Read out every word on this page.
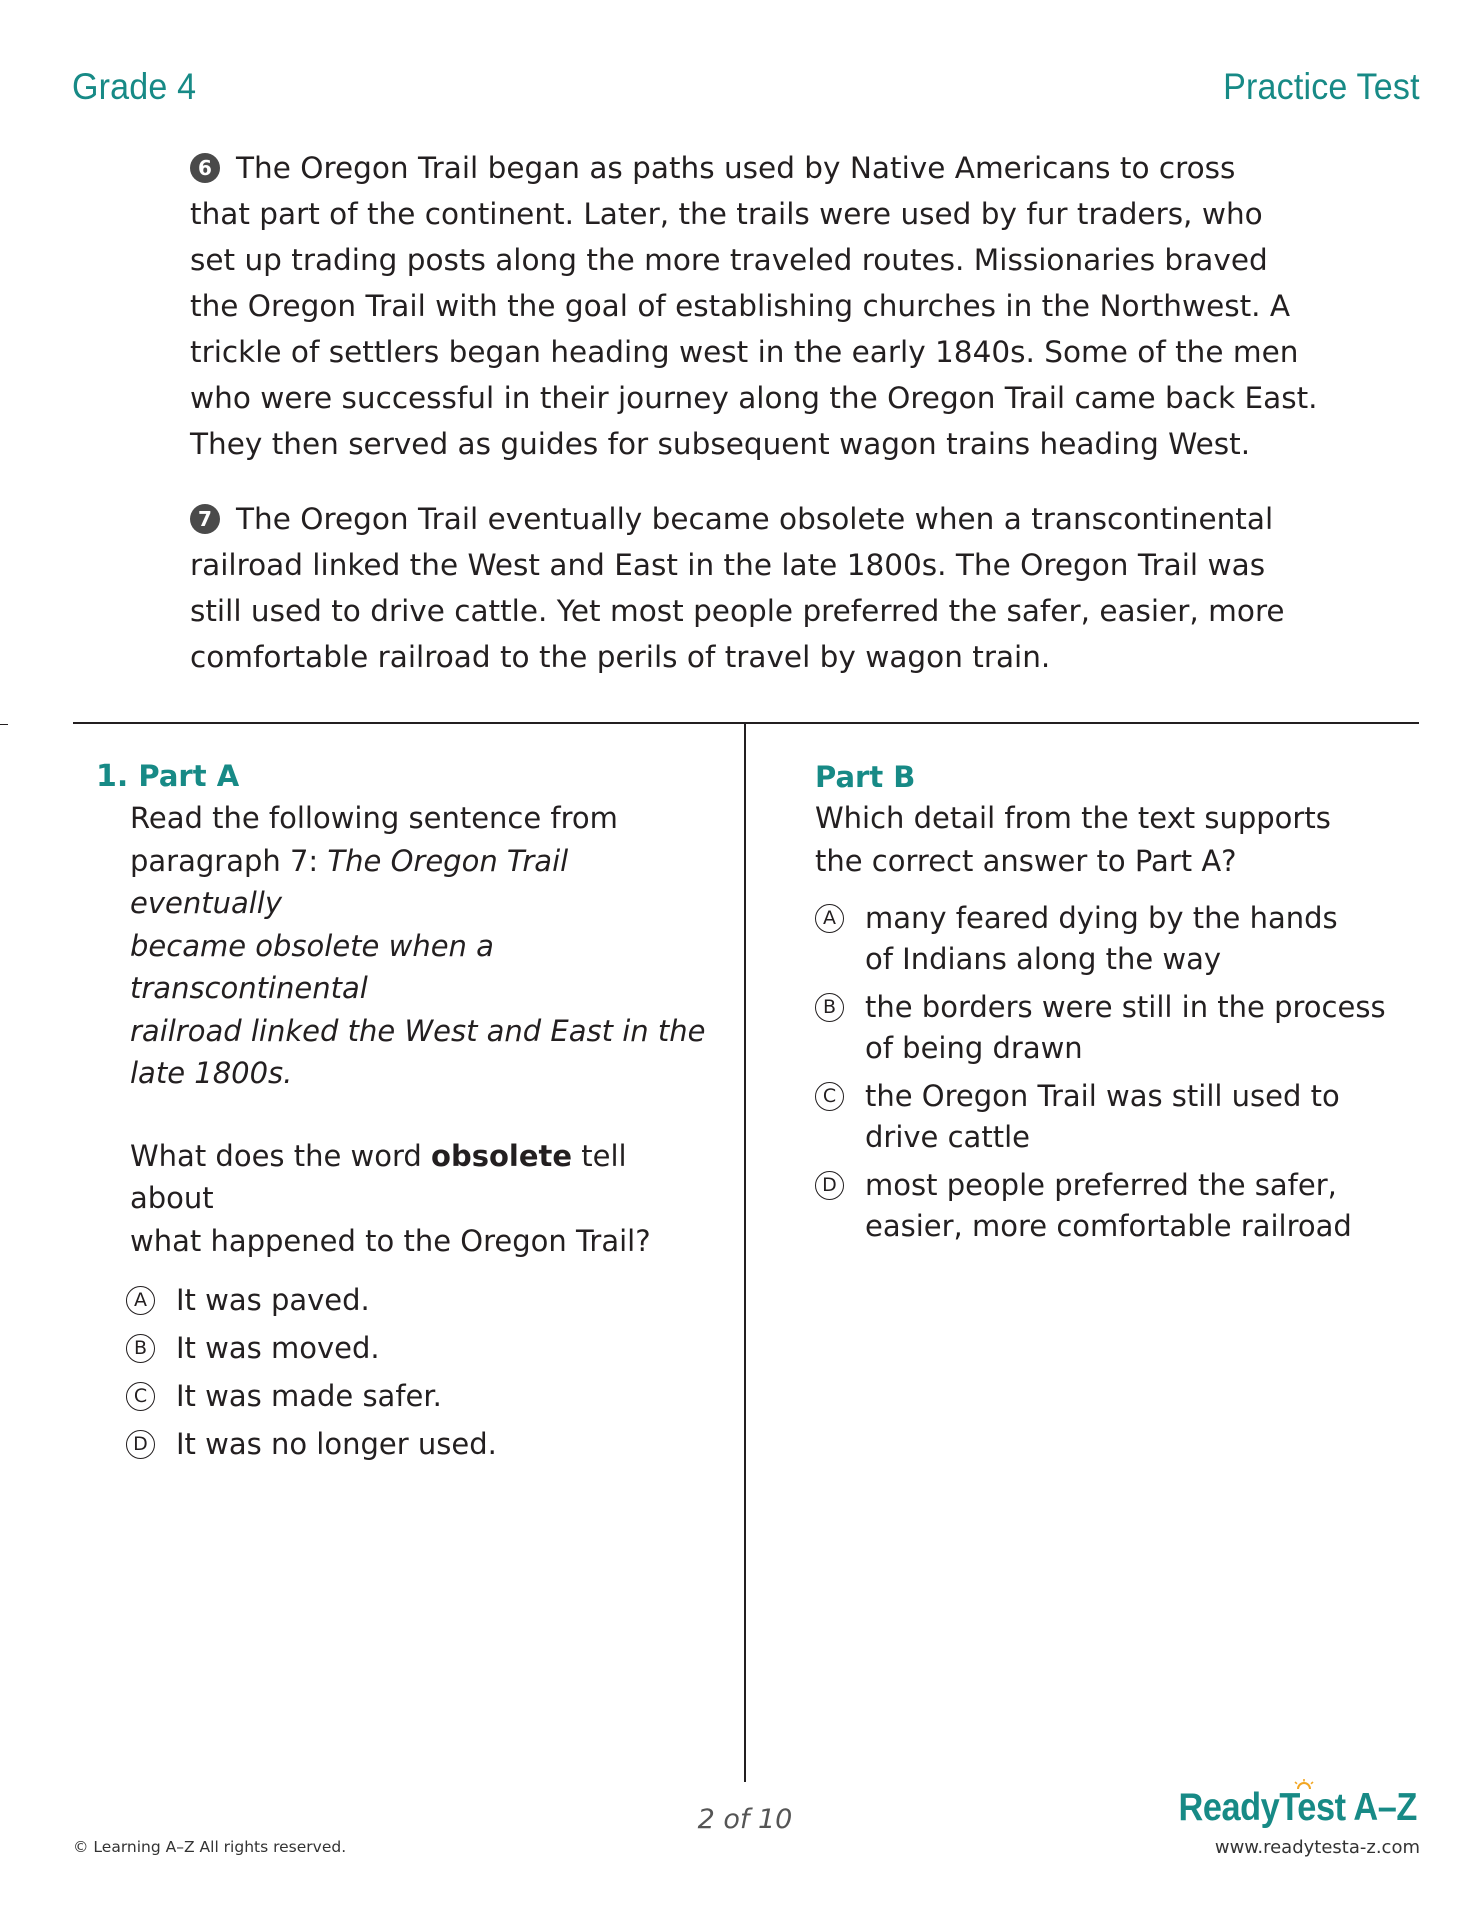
Grade 4	Practice Test

6 The Oregon Trail began as paths used by Native Americans to cross

that part of the continent. Later, the trails were used by fur traders, who

set up trading posts along the more traveled routes. Missionaries braved

the Oregon Trail with the goal of establishing churches in the Northwest. A

trickle of settlers began heading west in the early 1840s. Some of the men

who were successful in their journey along the Oregon Trail came back East.

They then served as guides for subsequent wagon trains heading West.

7 The Oregon Trail eventually became obsolete when a transcontinental

railroad linked the West and East in the late 1800s. The Oregon Trail was

still used to drive cattle. Yet most people preferred the safer, easier, more

comfortable railroad to the perils of travel by wagon train.

1. Part A
Read the following sentence from
paragraph 7: The Oregon Trail eventually
became obsolete when a transcontinental
railroad linked the West and East in the
late 1800s.
What does the word obsolete tell about
what happened to the Oregon Trail?
A It was paved.
B It was moved.
C It was made safer.
D It was no longer used.
Part B
Which detail from the text supports
the correct answer to Part A?
A many feared dying by the hands
of Indians along the way
B the borders were still in the process
of being drawn
C the Oregon Trail was still used to
drive cattle
D most people preferred the safer,
easier, more comfortable railroad
2 of 10
© Learning A–Z All rights reserved.
ReadyTest A–Z
www.readytesta-z.com
